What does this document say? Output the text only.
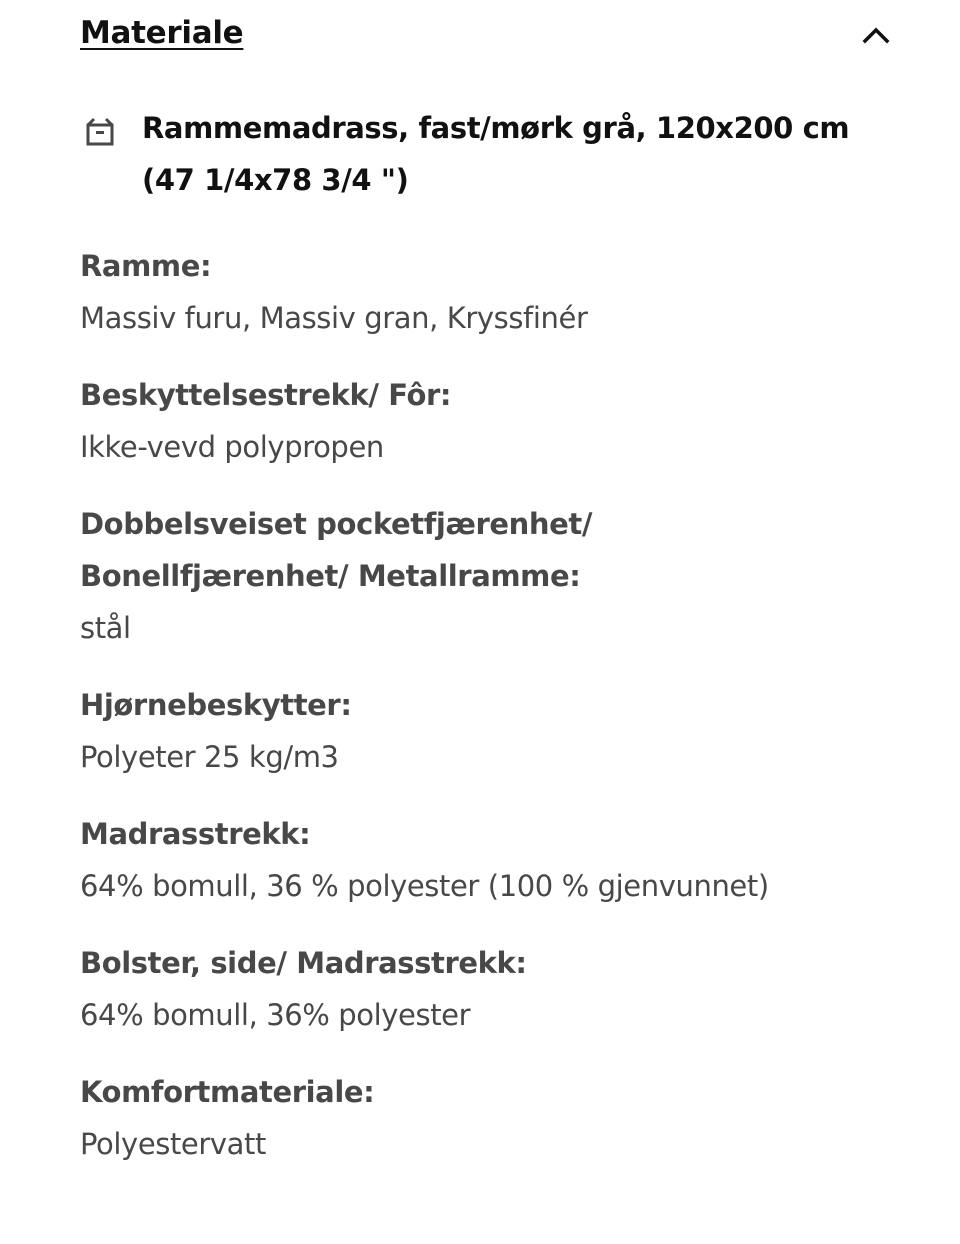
Materiale
Rammemadrass, fast/mørk grå, 120x200 cm (47 1/4x78 3/4 ")
Ramme:
Massiv furu, Massiv gran, Kryssfinér
Beskyttelsestrekk/ Fôr:
Ikke-vevd polypropen
Dobbelsveiset pocketfjærenhet/ Bonellfjærenhet/ Metallramme:
stål
Hjørnebeskytter:
Polyeter 25 kg/m3
Madrasstrekk:
64% bomull, 36 % polyester (100 % gjenvunnet)
Bolster, side/ Madrasstrekk:
64% bomull, 36% polyester
Komfortmateriale:
Polyestervatt
